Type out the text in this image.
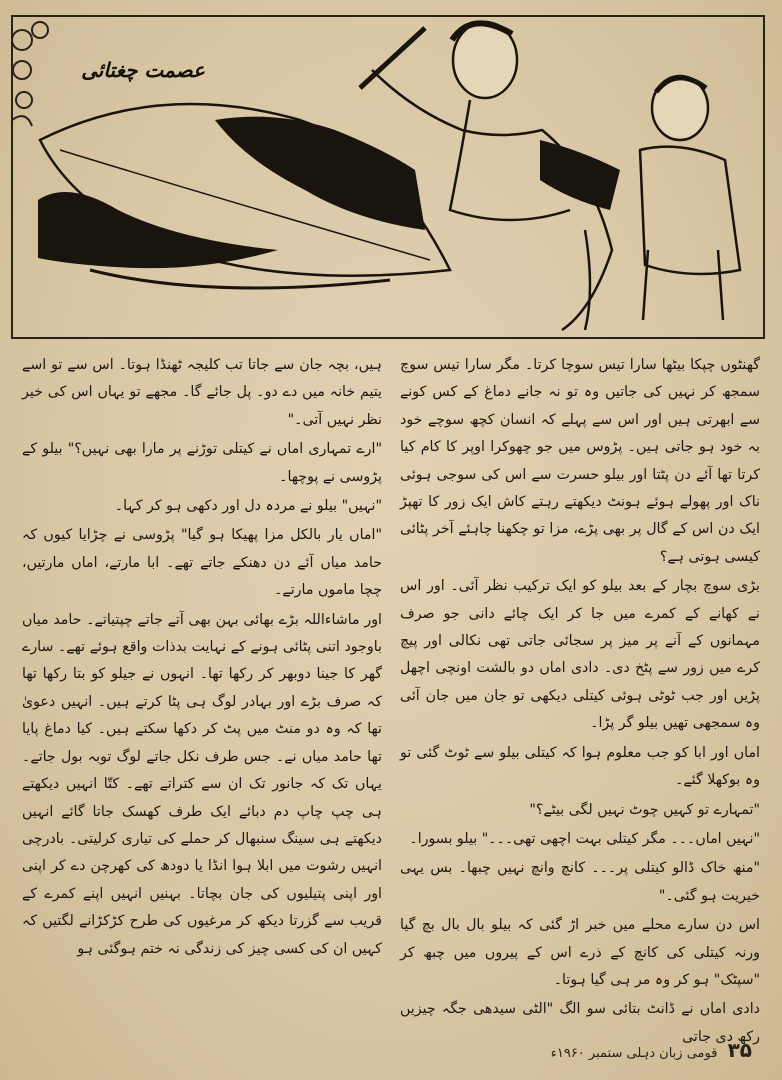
عصمت چغتائی

گھنٹوں چپکا بیٹھا سارا تیس سوچا کرتا۔ مگر سارا تیس سوچ سمجھ کر نہیں کی جاتیں وہ تو نہ جانے دماغ کے کس کونے سے ابھرتی ہیں اور اس سے پہلے کہ انسان کچھ سوچے خود بہ خود ہو جاتی ہیں۔ پڑوس میں جو چھوکرا اوپر کا کام کیا کرتا تھا آئے دن پٹتا اور بیلو حسرت سے اس کی سوجی ہوئی ناک اور پھولے ہوئے ہونٹ دیکھتے رہتے کاش ایک زور کا تھپڑ ایک دن اس کے گال پر بھی پڑے، مزا تو چکھنا چاہئے آخر پٹائی کیسی ہوتی ہے؟

بڑی سوچ بچار کے بعد بیلو کو ایک ترکیب نظر آئی۔ اور اس نے کھانے کے کمرے میں جا کر ایک چائے دانی جو صرف مہمانوں کے آنے پر میز پر سجائی جاتی تھی نکالی اور پیچ کرے میں زور سے پٹخ دی۔ دادی اماں دو بالشت اونچی اچھل پڑیں اور جب ٹوٹی ہوئی کیتلی دیکھی تو جان میں جان آئی وہ سمجھی تھیں بیلو گر پڑا۔

اماں اور ابا کو جب معلوم ہوا کہ کیتلی بیلو سے ٹوٹ گئی تو وہ بوکھلا گئے۔

"تمہارے تو کہیں چوٹ نہیں لگی بیٹے؟"

"نہیں اماں۔۔۔ مگر کیتلی بہت اچھی تھی۔۔۔" بیلو بسورا۔

"منھ خاک ڈالو کیتلی پر۔۔۔ کانچ وانچ نہیں چبھا۔ بس یہی خیریت ہو گئی۔"

اس دن سارے محلے میں خبر اڑ گئی کہ بیلو بال بال بچ گیا ورنہ کیتلی کی کانچ کے ذرے اس کے پیروں میں چبھ کر "سپٹک" ہو کر وہ مر ہی گیا ہوتا۔

دادی اماں نے ڈانٹ بتائی سو الگ "الٹی سیدھی جگہ چیزیں رکھ دی جاتی

ہیں، بچہ جان سے جاتا تب کلیجہ ٹھنڈا ہوتا۔ اس سے تو اسے یتیم خانہ میں دے دو۔ پل جائے گا۔ مجھے تو یہاں اس کی خیر نظر نہیں آتی۔"

"ارے تمہاری اماں نے کیتلی توڑنے پر مارا بھی نہیں؟" بیلو کے پڑوسی نے پوچھا۔

"نہیں" بیلو نے مردہ دل اور دکھی ہو کر کہا۔

"اماں یار بالکل مزا پھیکا ہو گیا" پڑوسی نے چڑایا کیوں کہ حامد میاں آئے دن دھنکے جاتے تھے۔ ابا مارتے، اماں مارتیں، چچا ماموں مارتے۔

اور ماشاءاللہ بڑے بھائی بہن بھی آتے جاتے چپتیاتے۔ حامد میاں باوجود اتنی پٹائی ہونے کے نہایت بدذات واقع ہوئے تھے۔ سارے گھر کا جینا دوبھر کر رکھا تھا۔ انہوں نے جیلو کو بتا رکھا تھا کہ صرف بڑے اور بہادر لوگ ہی پٹا کرتے ہیں۔ انہیں دعویٰ تھا کہ وہ دو منٹ میں پٹ کر دکھا سکتے ہیں۔ کیا دماغ پایا تھا حامد میاں نے۔ جس طرف نکل جاتے لوگ توبہ بول جاتے۔ یہاں تک کہ جانور تک ان سے کتراتے تھے۔ کتّا انہیں دیکھتے ہی چپ چاپ دم دبائے ایک طرف کھسک جاتا گائے انہیں دیکھتے ہی سینگ سنبھال کر حملے کی تیاری کرلیتی۔ بادرچی انہیں رشوت میں ابلا ہوا انڈا یا دودھ کی کھرچن دے کر اپنی اور اپنی پتیلیوں کی جان بچاتا۔ بہنیں انہیں اپنے کمرے کے قریب سے گزرتا دیکھ کر مرغیوں کی طرح کڑکڑانے لگتیں کہ کہیں ان کی کسی چیز کی زندگی نہ ختم ہوگئی ہو

۳۵ قومی زبان دہلی ستمبر ۱۹۶۰ء
